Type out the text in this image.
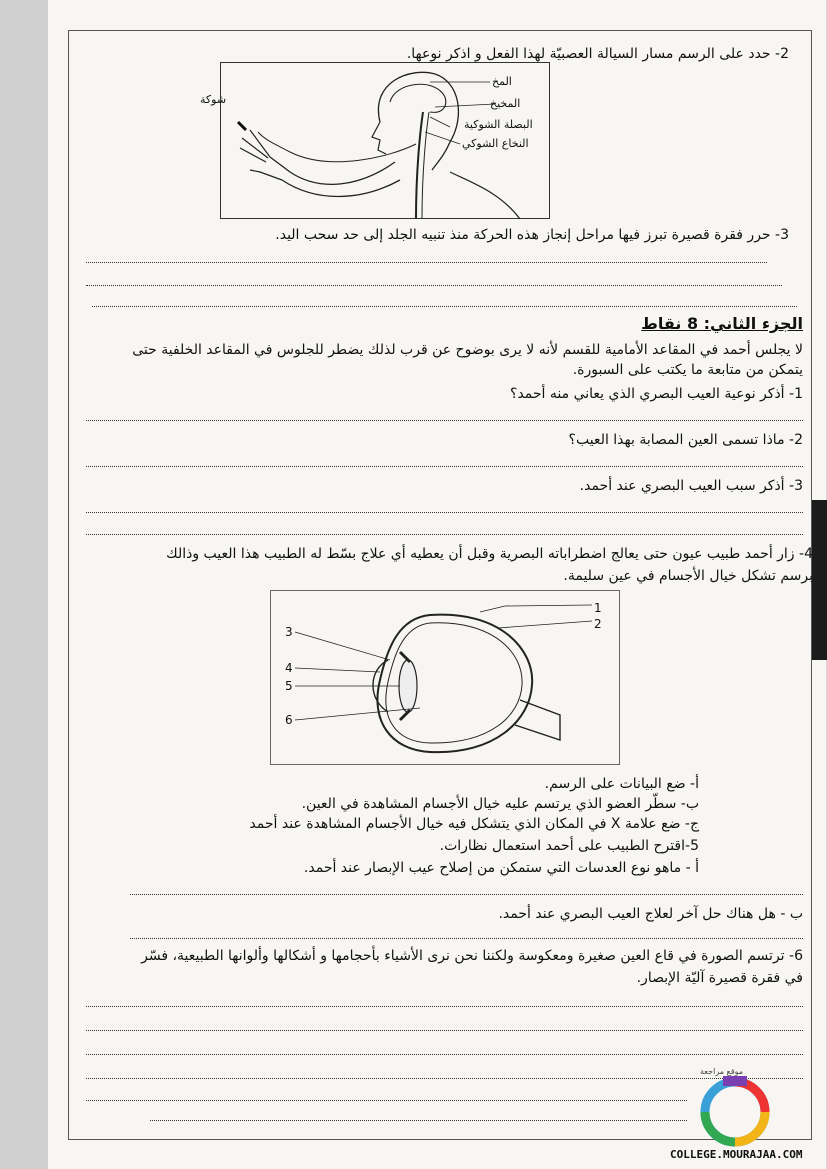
2- حدد على الرسم مسار السيالة العصبيّة لهذا الفعل و اذكر نوعها.
شوكة
المخ
المخيخ
البصلة الشوكية
النخاع الشوكي
3- حرر فقرة قصيرة تبرز فيها مراحل إنجاز هذه الحركة منذ تنبيه الجلد إلى حد سحب اليد.
الجزء الثاني: 8 نقاط
لا يجلس أحمد في المقاعد الأمامية للقسم لأنه لا يرى بوضوح عن قرب لذلك يضطر للجلوس في المقاعد الخلفية حتى
يتمكن من متابعة ما يكتب على السبورة.
1- أذكر نوعية العيب البصري الذي يعاني منه أحمد؟
2- ماذا تسمى العين المصابة بهذا العيب؟
3- أذكر سبب العيب البصري عند أحمد.
4- زار أحمد طبيب عيون حتى يعالج اضطراباته البصرية وقبل أن يعطيه أي علاج بسّط له الطبيب هذا العيب وذالك
برسم تشكل خيال الأجسام في عين سليمة.
1
2
3
4
5
6
أ- ضع البيانات على الرسم.
ب- سطّر العضو الذي يرتسم عليه خيال الأجسام المشاهدة في العين.
ج- ضع علامة X في المكان الذي يتشكل فيه خيال الأجسام المشاهدة عند أحمد
5-اقترح الطبيب على أحمد استعمال نظارات.
أ - ماهو نوع العدسات التي ستمكن من إصلاح عيب الإبصار عند أحمد.
ب - هل هناك حل آخر لعلاج العيب البصري عند أحمد.
6- ترتسم الصورة في قاع العين صغيرة ومعكوسة ولكننا نحن نرى الأشياء بأحجامها و أشكالها وألوانها الطبيعية، فسّر
في فقرة قصيرة آليّة الإبصار.
موقع مراجعة
COLLEGE.MOURAJAA.COM
